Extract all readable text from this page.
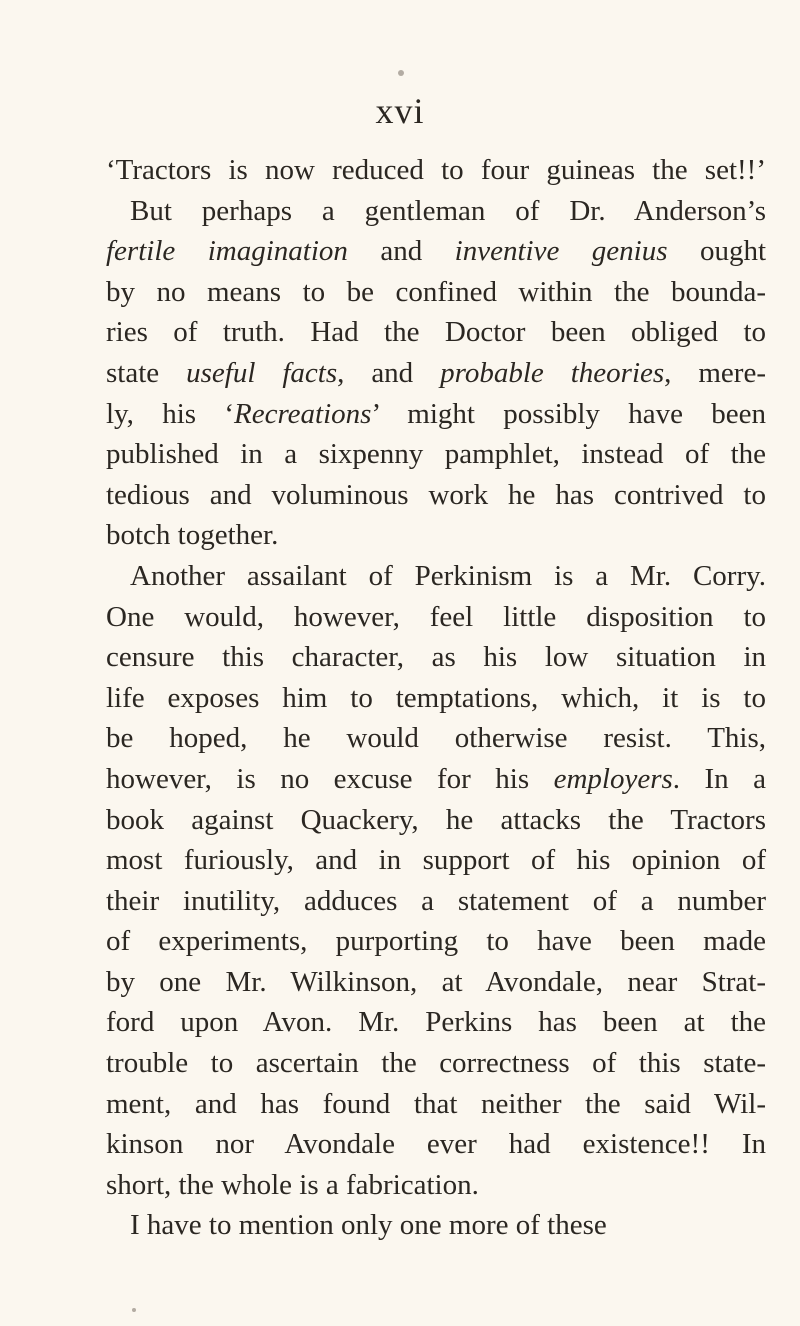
xvi
‘Tractors is now reduced to four guineas the set!!’
But perhaps a gentleman of Dr. Anderson’s
fertile imagination and inventive genius ought
by no means to be confined within the bounda-
ries of truth. Had the Doctor been obliged to
state useful facts, and probable theories, mere-
ly, his ‘Recreations’ might possibly have been
published in a sixpenny pamphlet, instead of the
tedious and voluminous work he has contrived to
botch together.
Another assailant of Perkinism is a Mr. Corry.
One would, however, feel little disposition to
censure this character, as his low situation in
life exposes him to temptations, which, it is to
be hoped, he would otherwise resist. This,
however, is no excuse for his employers. In a
book against Quackery, he attacks the Tractors
most furiously, and in support of his opinion of
their inutility, adduces a statement of a number
of experiments, purporting to have been made
by one Mr. Wilkinson, at Avondale, near Strat-
ford upon Avon. Mr. Perkins has been at the
trouble to ascertain the correctness of this state-
ment, and has found that neither the said Wil-
kinson nor Avondale ever had existence!! In
short, the whole is a fabrication.
I have to mention only one more of these
